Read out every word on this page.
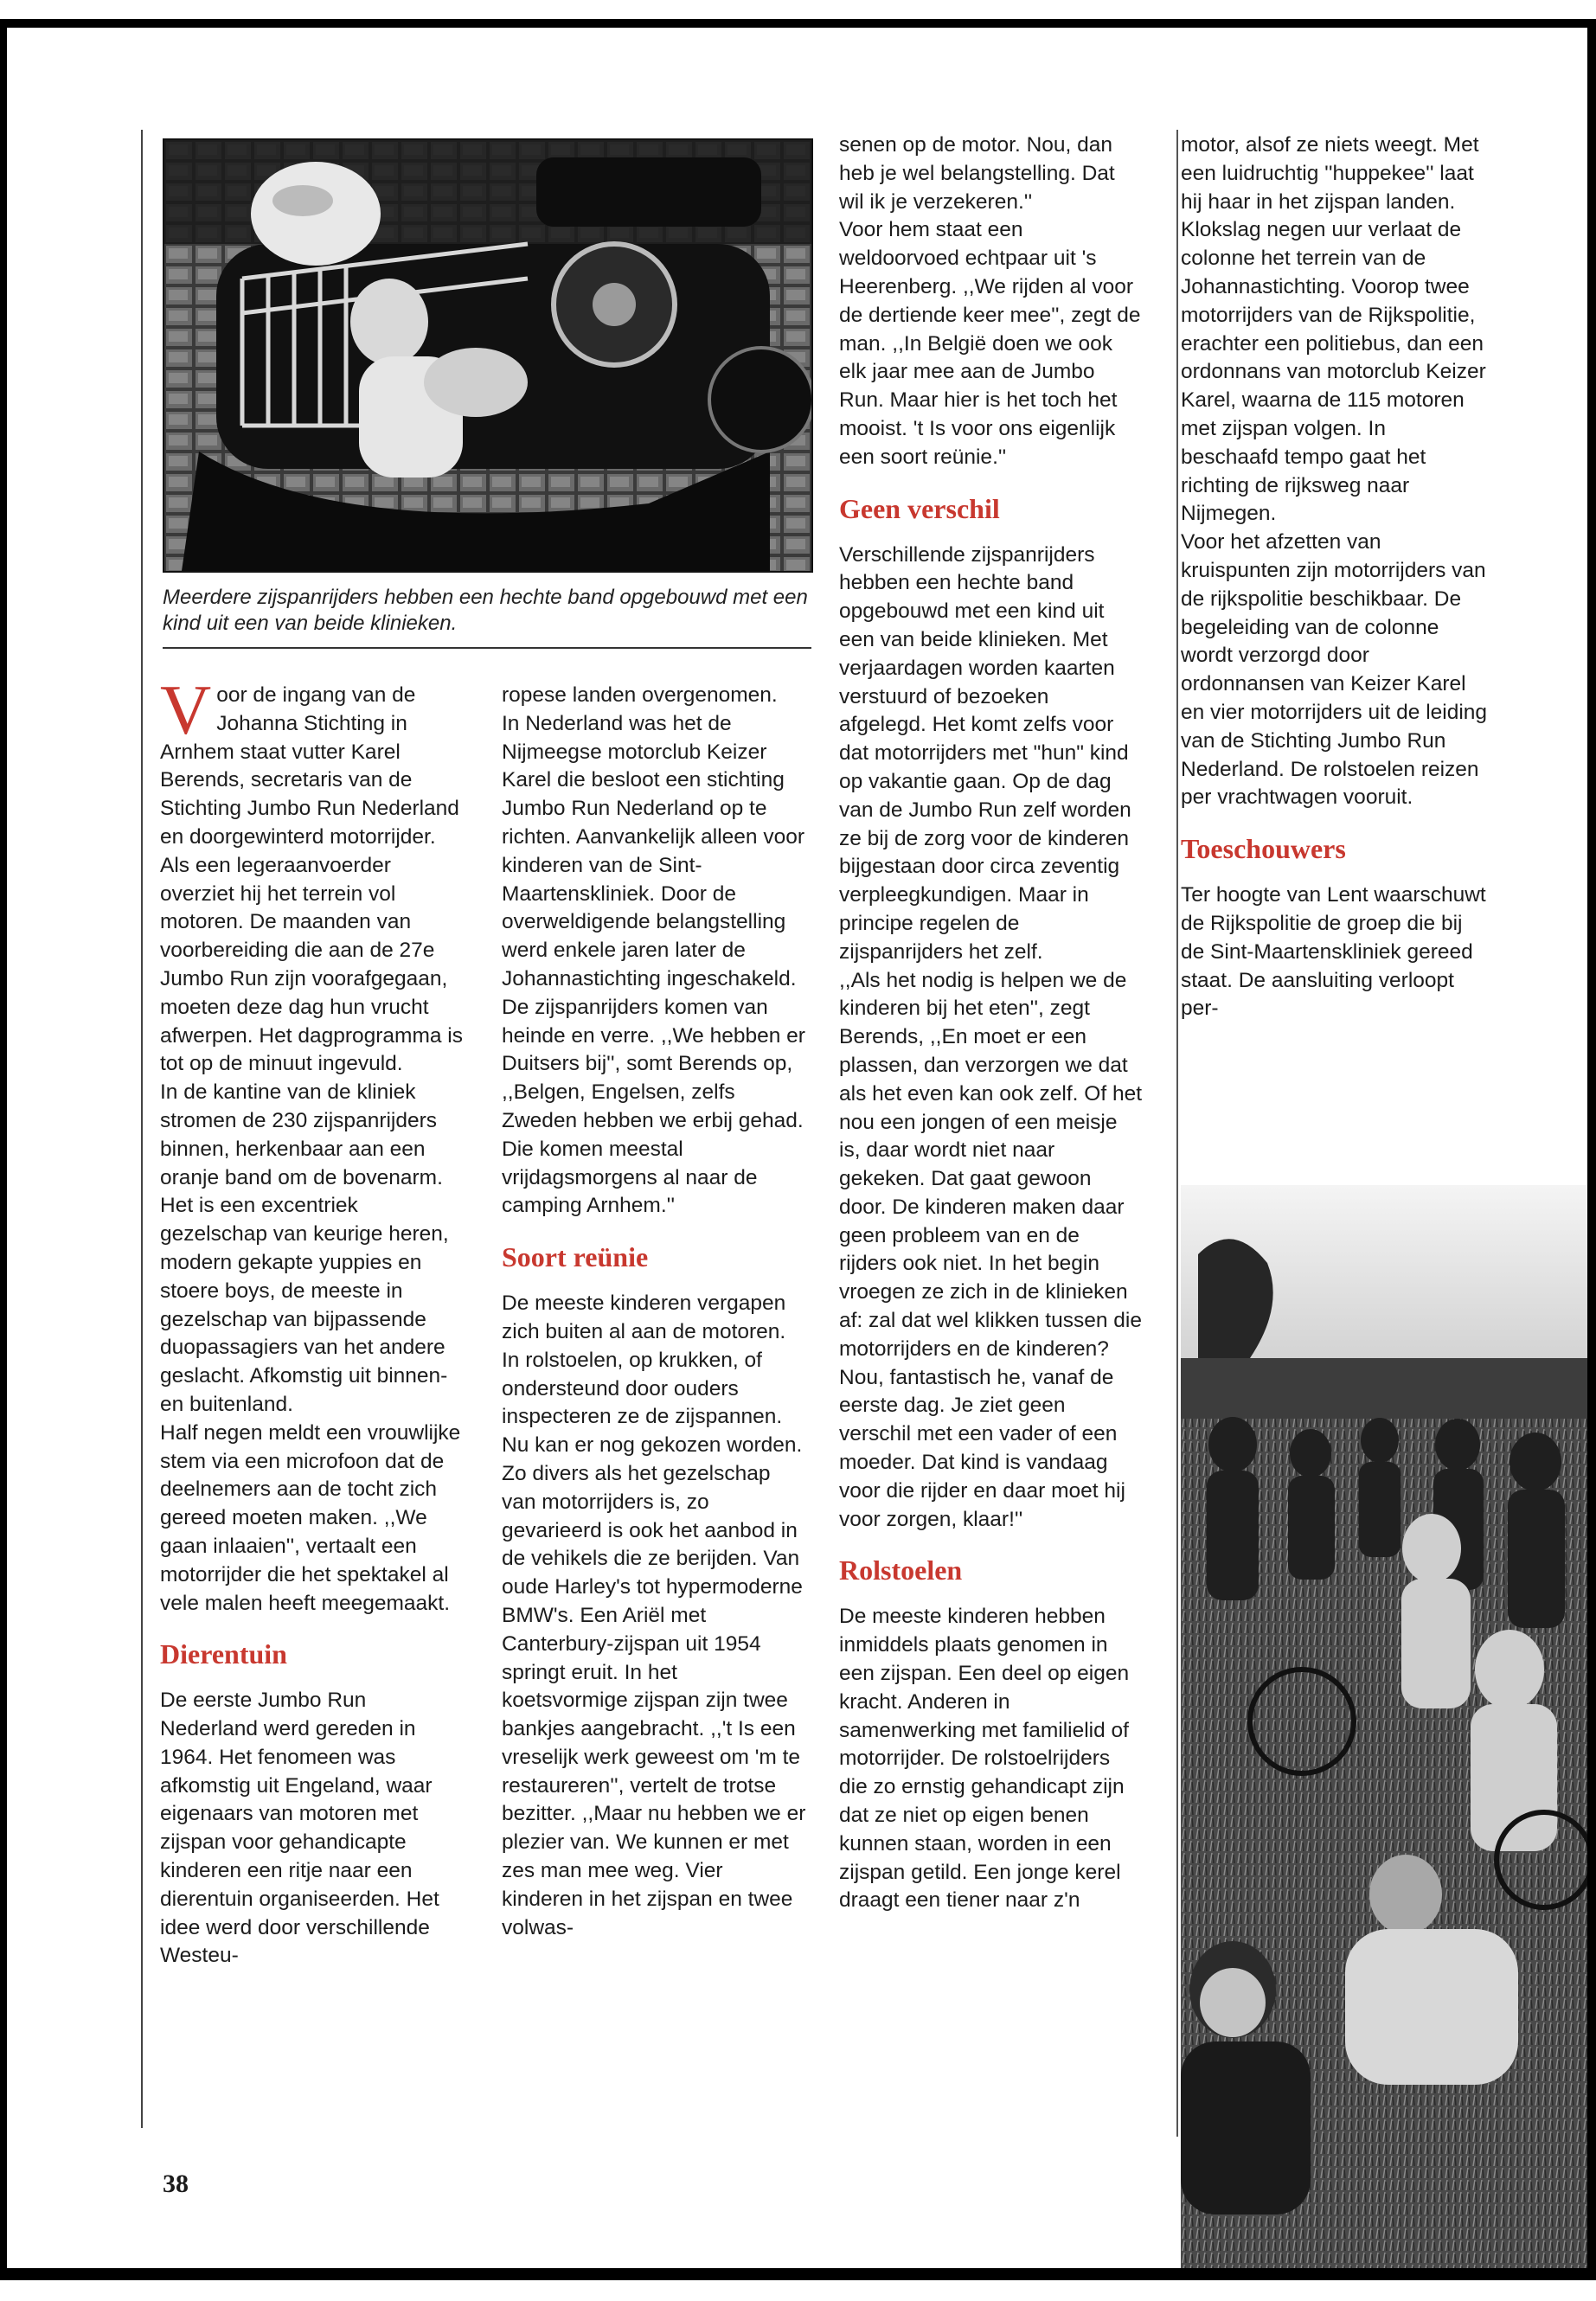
Meerdere zijspanrijders hebben een hechte band opgebouwd met een kind uit een van beide klinieken.

Voor de ingang van de Johanna Stichting in Arnhem staat vutter Karel Berends, secretaris van de Stichting Jumbo Run Nederland en doorgewinterd motorrijder. Als een legeraanvoerder overziet hij het terrein vol motoren. De maanden van voorbereiding die aan de 27e Jumbo Run zijn voorafgegaan, moeten deze dag hun vrucht afwerpen. Het dagprogramma is tot op de minuut ingevuld.

In de kantine van de kliniek stromen de 230 zijspanrijders binnen, herkenbaar aan een oranje band om de bovenarm. Het is een excentriek gezelschap van keurige heren, modern gekapte yuppies en stoere boys, de meeste in gezelschap van bijpassende duopassagiers van het andere geslacht. Afkomstig uit binnen- en buitenland.

Half negen meldt een vrouwlijke stem via een microfoon dat de deelnemers aan de tocht zich gereed moeten maken. ,,We gaan inlaaien'', vertaalt een motorrijder die het spektakel al vele malen heeft meegemaakt.

Dierentuin

De eerste Jumbo Run Nederland werd gereden in 1964. Het fenomeen was afkomstig uit Engeland, waar eigenaars van motoren met zijspan voor gehandicapte kinderen een ritje naar een dierentuin organiseerden. Het idee werd door verschillende Westeu-

ropese landen overgenomen.

In Nederland was het de Nijmeegse motorclub Keizer Karel die besloot een stichting Jumbo Run Nederland op te richten. Aanvankelijk alleen voor kinderen van de Sint-Maartenskliniek. Door de overweldigende belangstelling werd enkele jaren later de Johannastichting ingeschakeld.

De zijspanrijders komen van heinde en verre. ,,We hebben er Duitsers bij'', somt Berends op, ,,Belgen, Engelsen, zelfs Zweden hebben we erbij gehad. Die komen meestal vrijdagsmorgens al naar de camping Arnhem.''

Soort reünie

De meeste kinderen vergapen zich buiten al aan de motoren. In rolstoelen, op krukken, of ondersteund door ouders inspecteren ze de zijspannen. Nu kan er nog gekozen worden. Zo divers als het gezelschap van motorrijders is, zo gevarieerd is ook het aanbod in de vehikels die ze berijden. Van oude Harley's tot hypermoderne BMW's. Een Ariël met Canterbury-zijspan uit 1954 springt eruit. In het koetsvormige zijspan zijn twee bankjes aangebracht. ,,'t Is een vreselijk werk geweest om 'm te restaureren'', vertelt de trotse bezitter. ,,Maar nu hebben we er plezier van. We kunnen er met zes man mee weg. Vier kinderen in het zijspan en twee volwas-

senen op de motor. Nou, dan heb je wel belangstelling. Dat wil ik je verzekeren.''

Voor hem staat een weldoorvoed echtpaar uit 's Heerenberg. ,,We rijden al voor de dertiende keer mee'', zegt de man. ,,In België doen we ook elk jaar mee aan de Jumbo Run. Maar hier is het toch het mooist. 't Is voor ons eigenlijk een soort reünie.''

Geen verschil

Verschillende zijspanrijders hebben een hechte band opgebouwd met een kind uit een van beide klinieken. Met verjaardagen worden kaarten verstuurd of bezoeken afgelegd. Het komt zelfs voor dat motorrijders met "hun" kind op vakantie gaan. Op de dag van de Jumbo Run zelf worden ze bij de zorg voor de kinderen bijgestaan door circa zeventig verpleegkundigen. Maar in principe regelen de zijspanrijders het zelf.

,,Als het nodig is helpen we de kinderen bij het eten'', zegt Berends, ,,En moet er een plassen, dan verzorgen we dat als het even kan ook zelf. Of het nou een jongen of een meisje is, daar wordt niet naar gekeken. Dat gaat gewoon door. De kinderen maken daar geen probleem van en de rijders ook niet. In het begin vroegen ze zich in de klinieken af: zal dat wel klikken tussen die motorrijders en de kinderen? Nou, fantastisch he, vanaf de eerste dag. Je ziet geen verschil met een vader of een moeder. Dat kind is vandaag voor die rijder en daar moet hij voor zorgen, klaar!''

Rolstoelen

De meeste kinderen hebben inmiddels plaats genomen in een zijspan. Een deel op eigen kracht. Anderen in samenwerking met familielid of motorrijder. De rolstoelrijders die zo ernstig gehandicapt zijn dat ze niet op eigen benen kunnen staan, worden in een zijspan getild. Een jonge kerel draagt een tiener naar z'n

motor, alsof ze niets weegt. Met een luidruchtig ''huppekee'' laat hij haar in het zijspan landen.

Klokslag negen uur verlaat de colonne het terrein van de Johannastichting. Voorop twee motorrijders van de Rijkspolitie, erachter een politiebus, dan een ordonnans van motorclub Keizer Karel, waarna de 115 motoren met zijspan volgen. In beschaafd tempo gaat het richting de rijksweg naar Nijmegen.

Voor het afzetten van kruispunten zijn motorrijders van de rijkspolitie beschikbaar. De begeleiding van de colonne wordt verzorgd door ordonnansen van Keizer Karel en vier motorrijders uit de leiding van de Stichting Jumbo Run Nederland. De rolstoelen reizen per vrachtwagen vooruit.

Toeschouwers

Ter hoogte van Lent waarschuwt de Rijkspolitie de groep die bij de Sint-Maartenskliniek gereed staat. De aansluiting verloopt per-

38
